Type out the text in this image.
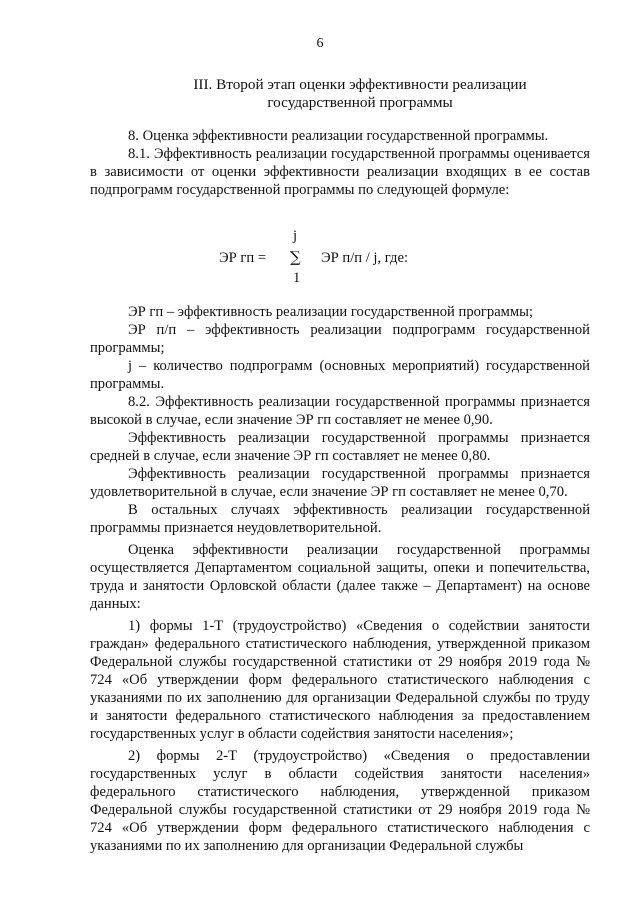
6
III. Второй этап оценки эффективности реализации
государственной программы

8. Оценка эффективности реализации государственной программы.

8.1. Эффективность реализации государственной программы оценивается в зависимости от оценки эффективности реализации входящих в ее состав подпрограмм государственной программы по следующей формуле:

ЭР гп =
j
∑
1
ЭР п/п / j, где:

ЭР гп – эффективность реализации государственной программы;

ЭР п/п – эффективность реализации подпрограмм государственной программы;

j – количество подпрограмм (основных мероприятий) государственной программы.

8.2. Эффективность реализации государственной программы признается высокой в случае, если значение ЭР гп составляет не менее 0,90.

Эффективность реализации государственной программы признается средней в случае, если значение ЭР гп составляет не менее 0,80.

Эффективность реализации государственной программы признается удовлетворительной в случае, если значение ЭР гп составляет не менее 0,70.

В остальных случаях эффективность реализации государственной программы признается неудовлетворительной.

Оценка эффективности реализации государственной программы осуществляется Департаментом социальной защиты, опеки и попечительства, труда и занятости Орловской области (далее также – Департамент) на основе данных:

1) формы 1-Т (трудоустройство) «Сведения о содействии занятости граждан» федерального статистического наблюдения, утвержденной приказом Федеральной службы государственной статистики от 29 ноября 2019 года № 724 «Об утверждении форм федерального статистического наблюдения с указаниями по их заполнению для организации Федеральной службы по труду и занятости федерального статистического наблюдения за предоставлением государственных услуг в области содействия занятости населения»;

2) формы 2-Т (трудоустройство) «Сведения о предоставлении государственных услуг в области содействия занятости населения» федерального статистического наблюдения, утвержденной приказом Федеральной службы государственной статистики от 29 ноября 2019 года № 724 «Об утверждении форм федерального статистического наблюдения с указаниями по их заполнению для организации Федеральной службы
